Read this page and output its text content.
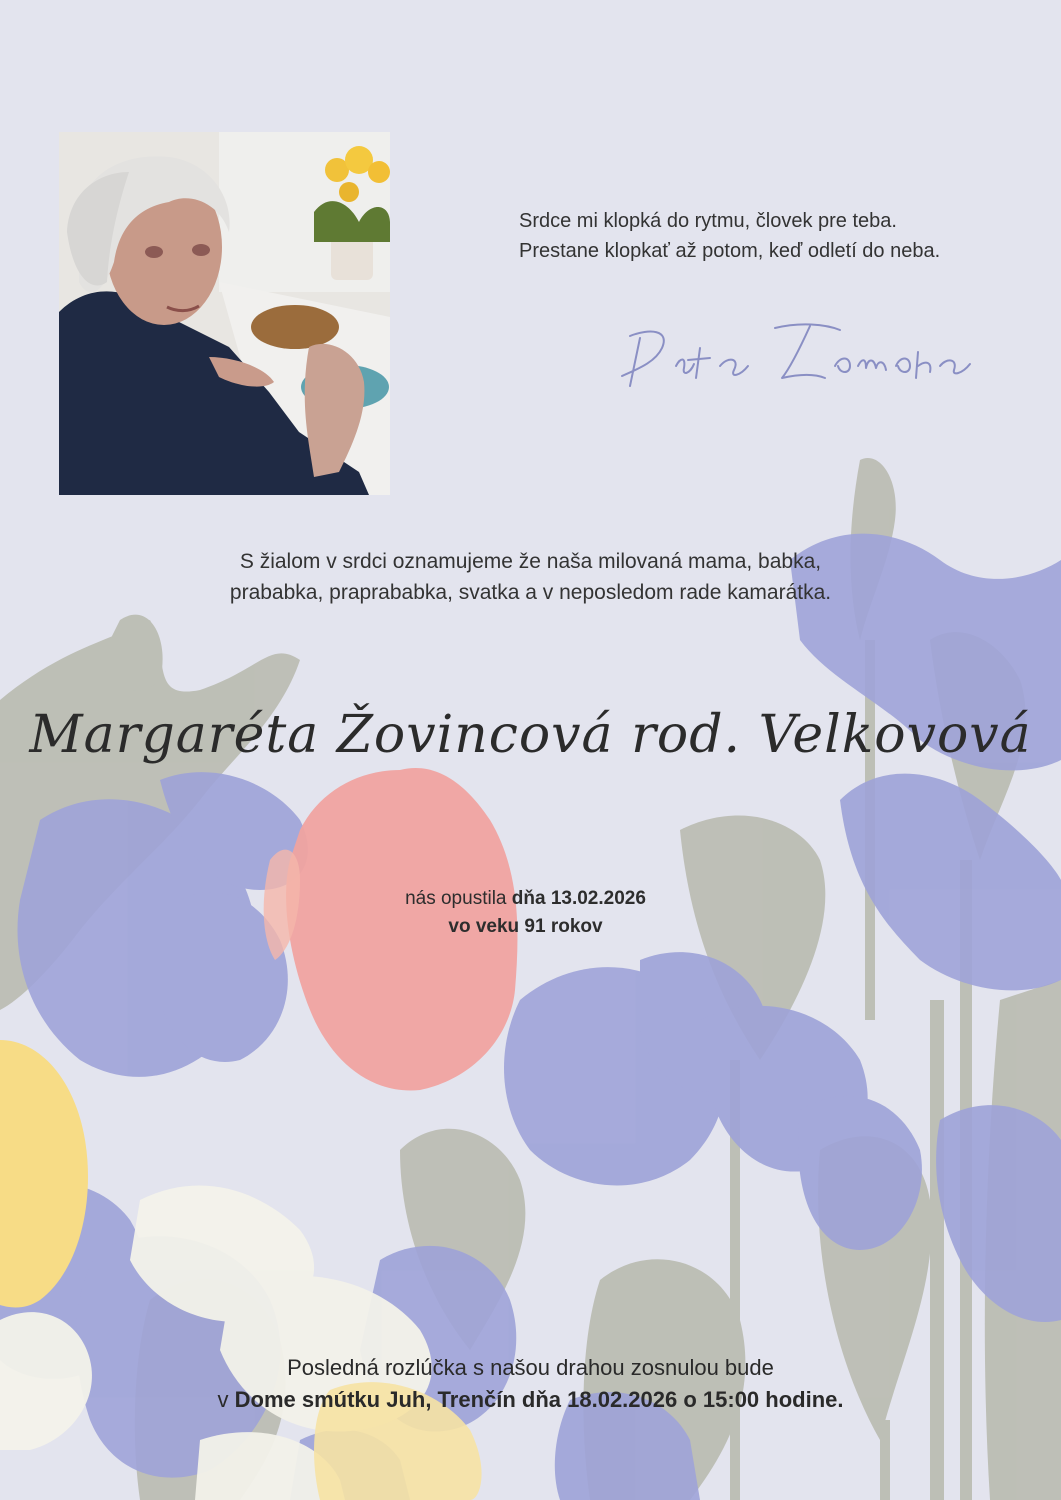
Srdce mi klopká do rytmu, človek pre teba.
Prestane klopkať až potom, keď odletí do neba.
S žialom v srdci oznamujeme že naša milovaná mama, babka,
prababka, praprababka, svatka a v neposledom rade kamarátka.
Margaréta Žovincová rod. Velkovová
nás opustila dňa 13.02.2026
vo veku 91 rokov
Posledná rozlúčka s našou drahou zosnulou bude
v Dome smútku Juh, Trenčín dňa 18.02.2026 o 15:00 hodine.
